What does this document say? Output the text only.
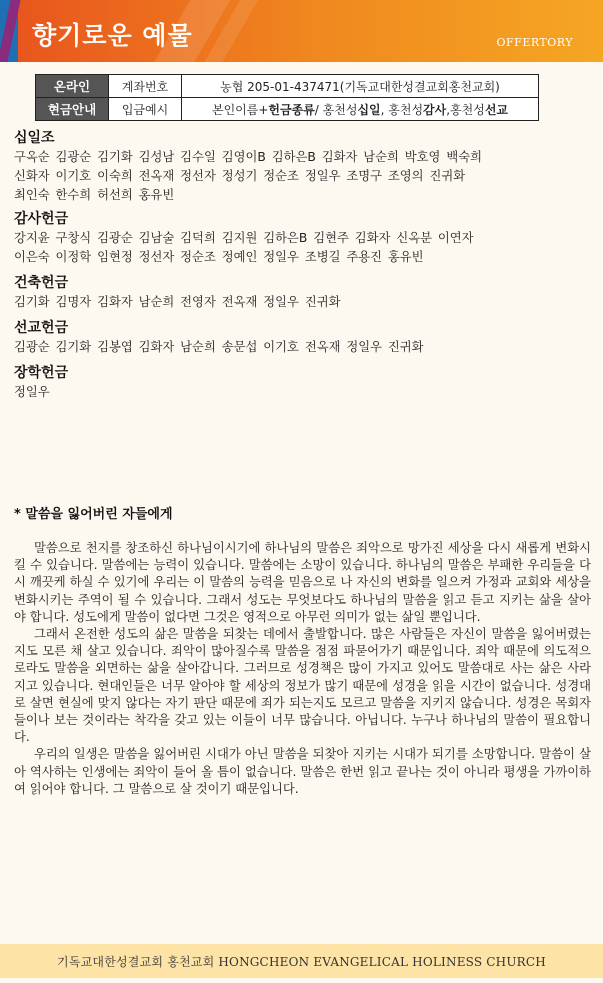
향기로운 예물	OFFERTORY
온라인	계좌번호	농협 205-01-437471(기독교대한성결교회홍천교회)
현금안내	입금예시	본인이름+헌금종류/ 홍천성십일, 홍천성감사,홍천성선교
십일조

구옥순 김광순 김기화 김성남 김수일 김영이B 김하은B 김화자 남순희 박호영 백숙희

신화자 이기호 이숙희 전옥재 정선자 정성기 정순조 정일우 조명구 조영의 진귀화

최인숙 한수희 허선희 홍유빈

감사헌금

강지윤 구창식 김광순 김남술 김덕희 김지원 김하은B 김현주 김화자 신옥분 이연자

이은숙 이정학 임현정 정선자 정순조 정예인 정일우 조병길 주용진 홍유빈

건축헌금

김기화 김명자 김화자 남순희 전영자 전옥재 정일우 진귀화

선교헌금

김광순 김기화 김봉엽 김화자 남순희 송문섭 이기호 전옥재 정일우 진귀화

장학헌금

정일우

* 말씀을 잃어버린 자들에게

말씀으로 천지를 창조하신 하나님이시기에 하나님의 말씀은 죄악으로 망가진 세상을 다시 새롭게 변화시킬 수 있습니다. 말씀에는 능력이 있습니다. 말씀에는 소망이 있습니다. 하나님의 말씀은 부패한 우리들을 다시 깨끗케 하실 수 있기에 우리는 이 말씀의 능력을 믿음으로 나 자신의 변화를 일으켜 가정과 교회와 세상을 변화시키는 주역이 될 수 있습니다. 그래서 성도는 무엇보다도 하나님의 말씀을 읽고 듣고 지키는 삶을 살아야 합니다. 성도에게 말씀이 없다면 그것은 영적으로 아무런 의미가 없는 삶일 뿐입니다.

그래서 온전한 성도의 삶은 말씀을 되찾는 데에서 출발합니다. 많은 사람들은 자신이 말씀을 잃어버렸는지도 모른 채 살고 있습니다. 죄악이 많아질수록 말씀을 점점 파묻어가기 때문입니다. 죄악 때문에 의도적으로라도 말씀을 외면하는 삶을 살아갑니다. 그러므로 성경책은 많이 가지고 있어도 말씀대로 사는 삶은 사라지고 있습니다. 현대인들은 너무 알아야 할 세상의 정보가 많기 때문에 성경을 읽을 시간이 없습니다. 성경대로 살면 현실에 맞지 않다는 자기 판단 때문에 죄가 되는지도 모르고 말씀을 지키지 않습니다. 성경은 목회자들이나 보는 것이라는 착각을 갖고 있는 이들이 너무 많습니다. 아닙니다. 누구나 하나님의 말씀이 필요합니다.

우리의 일생은 말씀을 잃어버린 시대가 아닌 말씀을 되찾아 지키는 시대가 되기를 소망합니다. 말씀이 살아 역사하는 인생에는 죄악이 들어 올 틈이 없습니다. 말씀은 한번 읽고 끝나는 것이 아니라 평생을 가까이하여 읽어야 합니다. 그 말씀으로 살 것이기 때문입니다.

기독교대한성결교회 홍천교회 HONGCHEON EVANGELICAL HOLINESS CHURCH
